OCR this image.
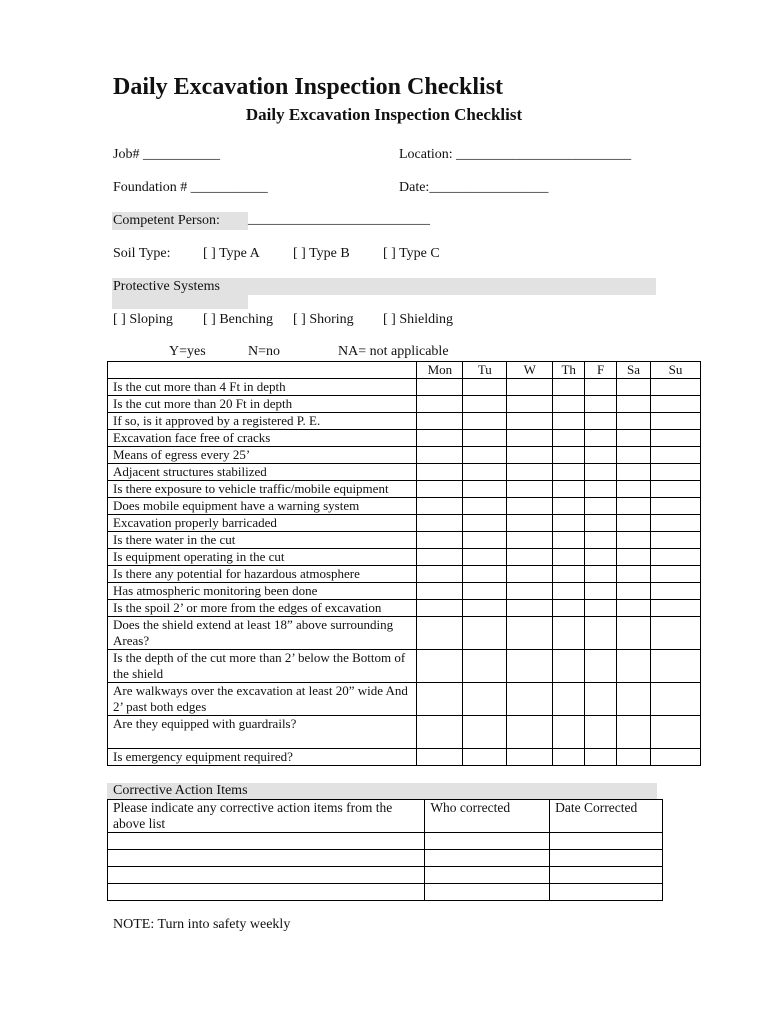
Daily Excavation Inspection Checklist
Daily Excavation Inspection Checklist
Job# ___________	Location: _________________________
Foundation # ___________	Date:_________________
Competent Person: __________________________
Soil Type: [ ] Type A [ ] Type B [ ] Type C
Protective Systems
[ ] Sloping [ ] Benching [ ] Shoring [ ] Shielding
Y=yes	N=no	NA= not applicable
	Mon	Tu	W	Th	F	Sa	Su
Is the cut more than 4 Ft in depth							
Is the cut more than 20 Ft in depth							
If so, is it approved by a registered P. E.							
Excavation face free of cracks							
Means of egress every 25’							
Adjacent structures stabilized							
Is there exposure to vehicle traffic/mobile equipment							
Does mobile equipment have a warning system							
Excavation properly barricaded							
Is there water in the cut							
Is equipment operating in the cut							
Is there any potential for hazardous atmosphere							
Has atmospheric monitoring been done							
Is the spoil 2’ or more from the edges of excavation							
Does the shield extend at least 18” above surrounding Areas?							
Is the depth of the cut more than 2’ below the Bottom of the shield							
Are walkways over the excavation at least 20” wide And 2’ past both edges							
Are they equipped with guardrails?							
Is emergency equipment required?							
Corrective Action Items
Please indicate any corrective action items from the above list	Who corrected	Date Corrected

NOTE: Turn into safety weekly
